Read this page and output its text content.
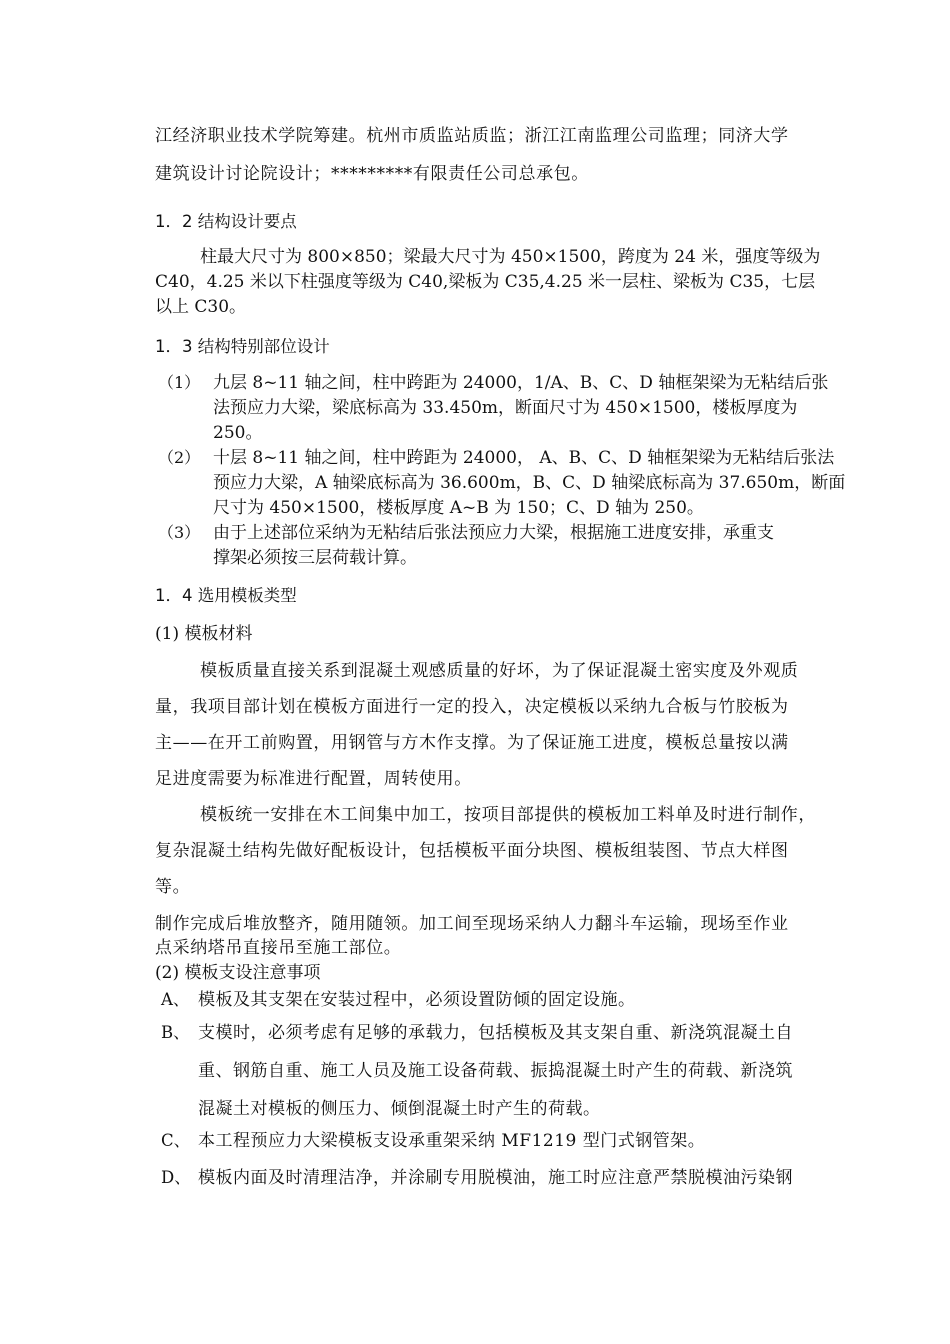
江经济职业技术学院筹建。杭州市质监站质监；浙江江南监理公司监理；同济大学
建筑设计讨论院设计；*********有限责任公司总承包。
1．2 结构设计要点
柱最大尺寸为 800×850；梁最大尺寸为 450×1500，跨度为 24 米，强度等级为
C40，4.25 米以下柱强度等级为 C40,梁板为 C35,4.25 米一层柱、梁板为 C35，七层
以上 C30。
1．3 结构特别部位设计
（1） 九层 8~11 轴之间，柱中跨距为 24000，1/A、B、C、D 轴框架梁为无粘结后张
法预应力大梁，梁底标高为 33.450m，断面尺寸为 450×1500，楼板厚度为
250。
（2） 十层 8~11 轴之间，柱中跨距为 24000， A、B、C、D 轴框架梁为无粘结后张法
预应力大梁，A 轴梁底标高为 36.600m，B、C、D 轴梁底标高为 37.650m，断面
尺寸为 450×1500，楼板厚度 A~B 为 150；C、D 轴为 250。
（3） 由于上述部位采纳为无粘结后张法预应力大梁，根据施工进度安排，承重支
撑架必须按三层荷载计算。
1．4 选用模板类型
(1) 模板材料
模板质量直接关系到混凝土观感质量的好坏，为了保证混凝土密实度及外观质
量，我项目部计划在模板方面进行一定的投入，决定模板以采纳九合板与竹胶板为
主——在开工前购置，用钢管与方木作支撑。为了保证施工进度，模板总量按以满
足进度需要为标准进行配置，周转使用。
模板统一安排在木工间集中加工，按项目部提供的模板加工料单及时进行制作，
复杂混凝土结构先做好配板设计，包括模板平面分块图、模板组装图、节点大样图
等。
制作完成后堆放整齐，随用随领。加工间至现场采纳人力翻斗车运输，现场至作业
点采纳塔吊直接吊至施工部位。
(2) 模板支设注意事项
A、 模板及其支架在安装过程中，必须设置防倾的固定设施。
B、 支模时，必须考虑有足够的承载力，包括模板及其支架自重、新浇筑混凝土自
重、钢筋自重、施工人员及施工设备荷载、振捣混凝土时产生的荷载、新浇筑
混凝土对模板的侧压力、倾倒混凝土时产生的荷载。
C、 本工程预应力大梁模板支设承重架采纳 MF1219 型门式钢管架。
D、 模板内面及时清理洁净，并涂刷专用脱模油，施工时应注意严禁脱模油污染钢
